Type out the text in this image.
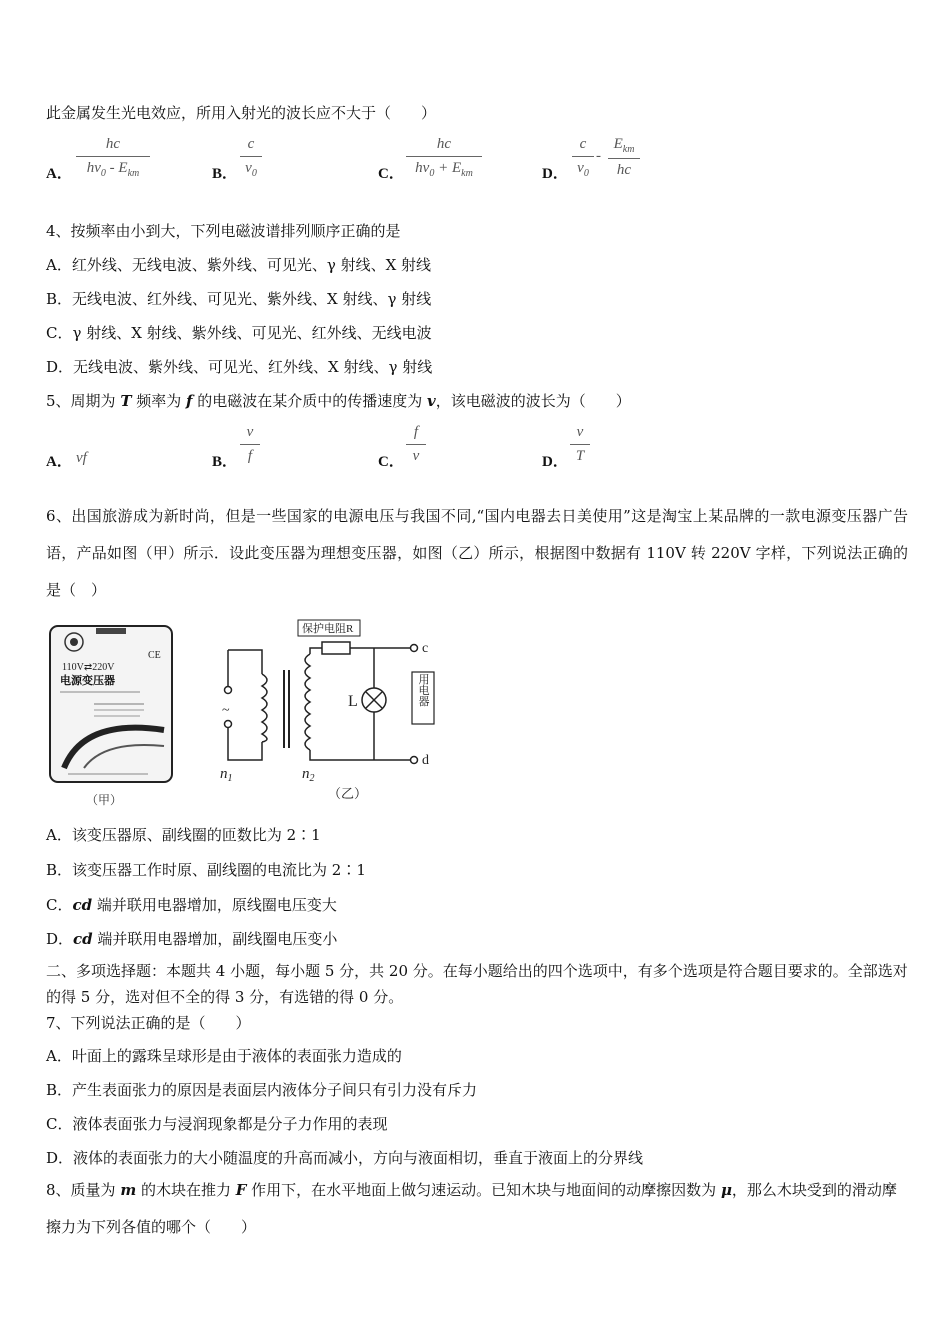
此金属发生光电效应，所用入射光的波长应不大于（　　）
A．
hc
$h\nu_0 - E_{km}$	B．
c
$\nu_0$	C．
hc
$h\nu_0 + E_{km}$	D．
c
$\nu_0$
-
$E_{km}$
hc
4、按频率由小到大，下列电磁波谱排列顺序正确的是
A．红外线、无线电波、紫外线、可见光、γ 射线、X 射线
B．无线电波、红外线、可见光、紫外线、X 射线、γ 射线
C．γ 射线、X 射线、紫外线、可见光、红外线、无线电波
D．无线电波、紫外线、可见光、红外线、X 射线、γ 射线
5、周期为 T 频率为 f 的电磁波在某介质中的传播速度为 v，该电磁波的波长为（　　）
A． vf	B．
v
f	C．
f
v	D．
v
T
6、出国旅游成为新时尚，但是一些国家的电源电压与我国不同,“国内电器去日美使用”这是淘宝上某品牌的一款电源变压器广告语，产品如图（甲）所示．设此变压器为理想变压器，如图（乙）所示，根据图中数据有 110V 转 220V 字样，下列说法正确的是（　）
CE
110V⇄220V
电源变压器
（甲）
~
保护电阻R
c
L
d
用电器
$n_1$	$n_2$
（乙）
A．该变压器原、副线圈的匝数比为 2∶1
B．该变压器工作时原、副线圈的电流比为 2∶1
C．cd 端并联用电器增加，原线圈电压变大
D．cd 端并联用电器增加，副线圈电压变小
二、多项选择题：本题共 4 小题，每小题 5 分，共 20 分。在每小题给出的四个选项中，有多个选项是符合题目要求的。全部选对的得 5 分，选对但不全的得 3 分，有选错的得 0 分。
7、下列说法正确的是（　　）
A．叶面上的露珠呈球形是由于液体的表面张力造成的
B．产生表面张力的原因是表面层内液体分子间只有引力没有斥力
C．液体表面张力与浸润现象都是分子力作用的表现
D．液体的表面张力的大小随温度的升高而减小，方向与液面相切，垂直于液面上的分界线
8、质量为 m 的木块在推力 F 作用下，在水平地面上做匀速运动。已知木块与地面间的动摩擦因数为 μ，那么木块受到的滑动摩擦力为下列各值的哪个（　　）
